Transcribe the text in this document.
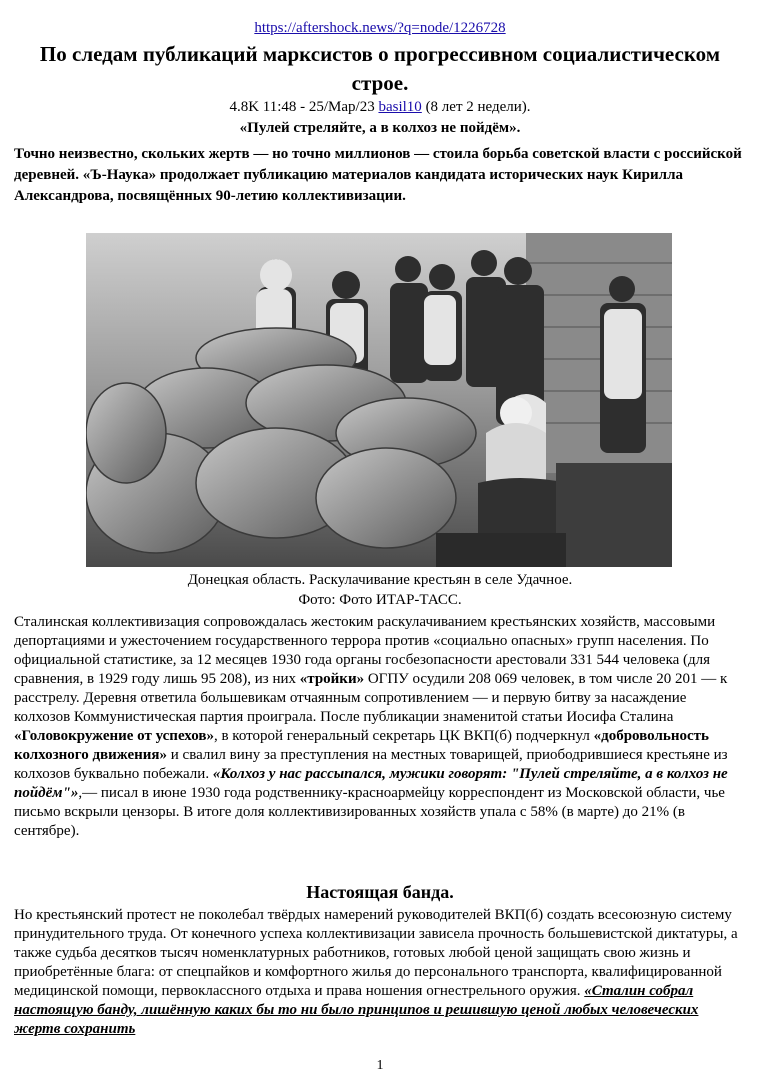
https://aftershock.news/?q=node/1226728
По следам публикаций марксистов о прогрессивном социалистическом строе.
4.8K 11:48 - 25/Мар/23 basil10 (8 лет 2 недели).
«Пулей стреляйте, а в колхоз не пойдём».
Точно неизвестно, скольких жертв — но точно миллионов — стоила борьба советской власти с российской деревней. «Ъ-Наука» продолжает публикацию материалов кандидата исторических наук Кирилла Александрова, посвящённых 90-летию коллективизации.
Донецкая область. Раскулачивание крестьян в селе Удачное.
Фото: Фото ИТАР-ТАСС.

Сталинская коллективизация сопровождалась жестоким раскулачиванием крестьянских хозяйств, массовыми депортациями и ужесточением государственного террора против «социально опасных» групп населения. По официальной статистике, за 12 месяцев 1930 года органы госбезопасности арестовали 331 544 человека (для сравнения, в 1929 году лишь 95 208), из них «тройки» ОГПУ осудили 208 069 человек, в том числе 20 201 — к расстрелу. Деревня ответила большевикам отчаянным сопротивлением — и первую битву за насаждение колхозов Коммунистическая партия проиграла. После публикации знаменитой статьи Иосифа Сталина «Головокружение от успехов», в которой генеральный секретарь ЦК ВКП(б) подчеркнул «добровольность колхозного движения» и свалил вину за преступления на местных товарищей, приободрившиеся крестьяне из колхозов буквально побежали. «Колхоз у нас рассыпался, мужики говорят: "Пулей стреляйте, а в колхоз не пойдём"»,— писал в июне 1930 года родственнику-красноармейцу корреспондент из Московской области, чье письмо вскрыли цензоры. В итоге доля коллективизированных хозяйств упала с 58% (в марте) до 21% (в сентябре).

Настоящая банда.

Но крестьянский протест не поколебал твёрдых намерений руководителей ВКП(б) создать всесоюзную систему принудительного труда. От конечного успеха коллективизации зависела прочность большевистской диктатуры, а также судьба десятков тысяч номенклатурных работников, готовых любой ценой защищать свою жизнь и приобретённые блага: от спецпайков и комфортного жилья до персонального транспорта, квалифицированной медицинской помощи, первоклассного отдыха и права ношения огнестрельного оружия. «Сталин собрал настоящую банду, лишённую каких бы то ни было принципов и решившую ценой любых человеческих жертв сохранить

1
